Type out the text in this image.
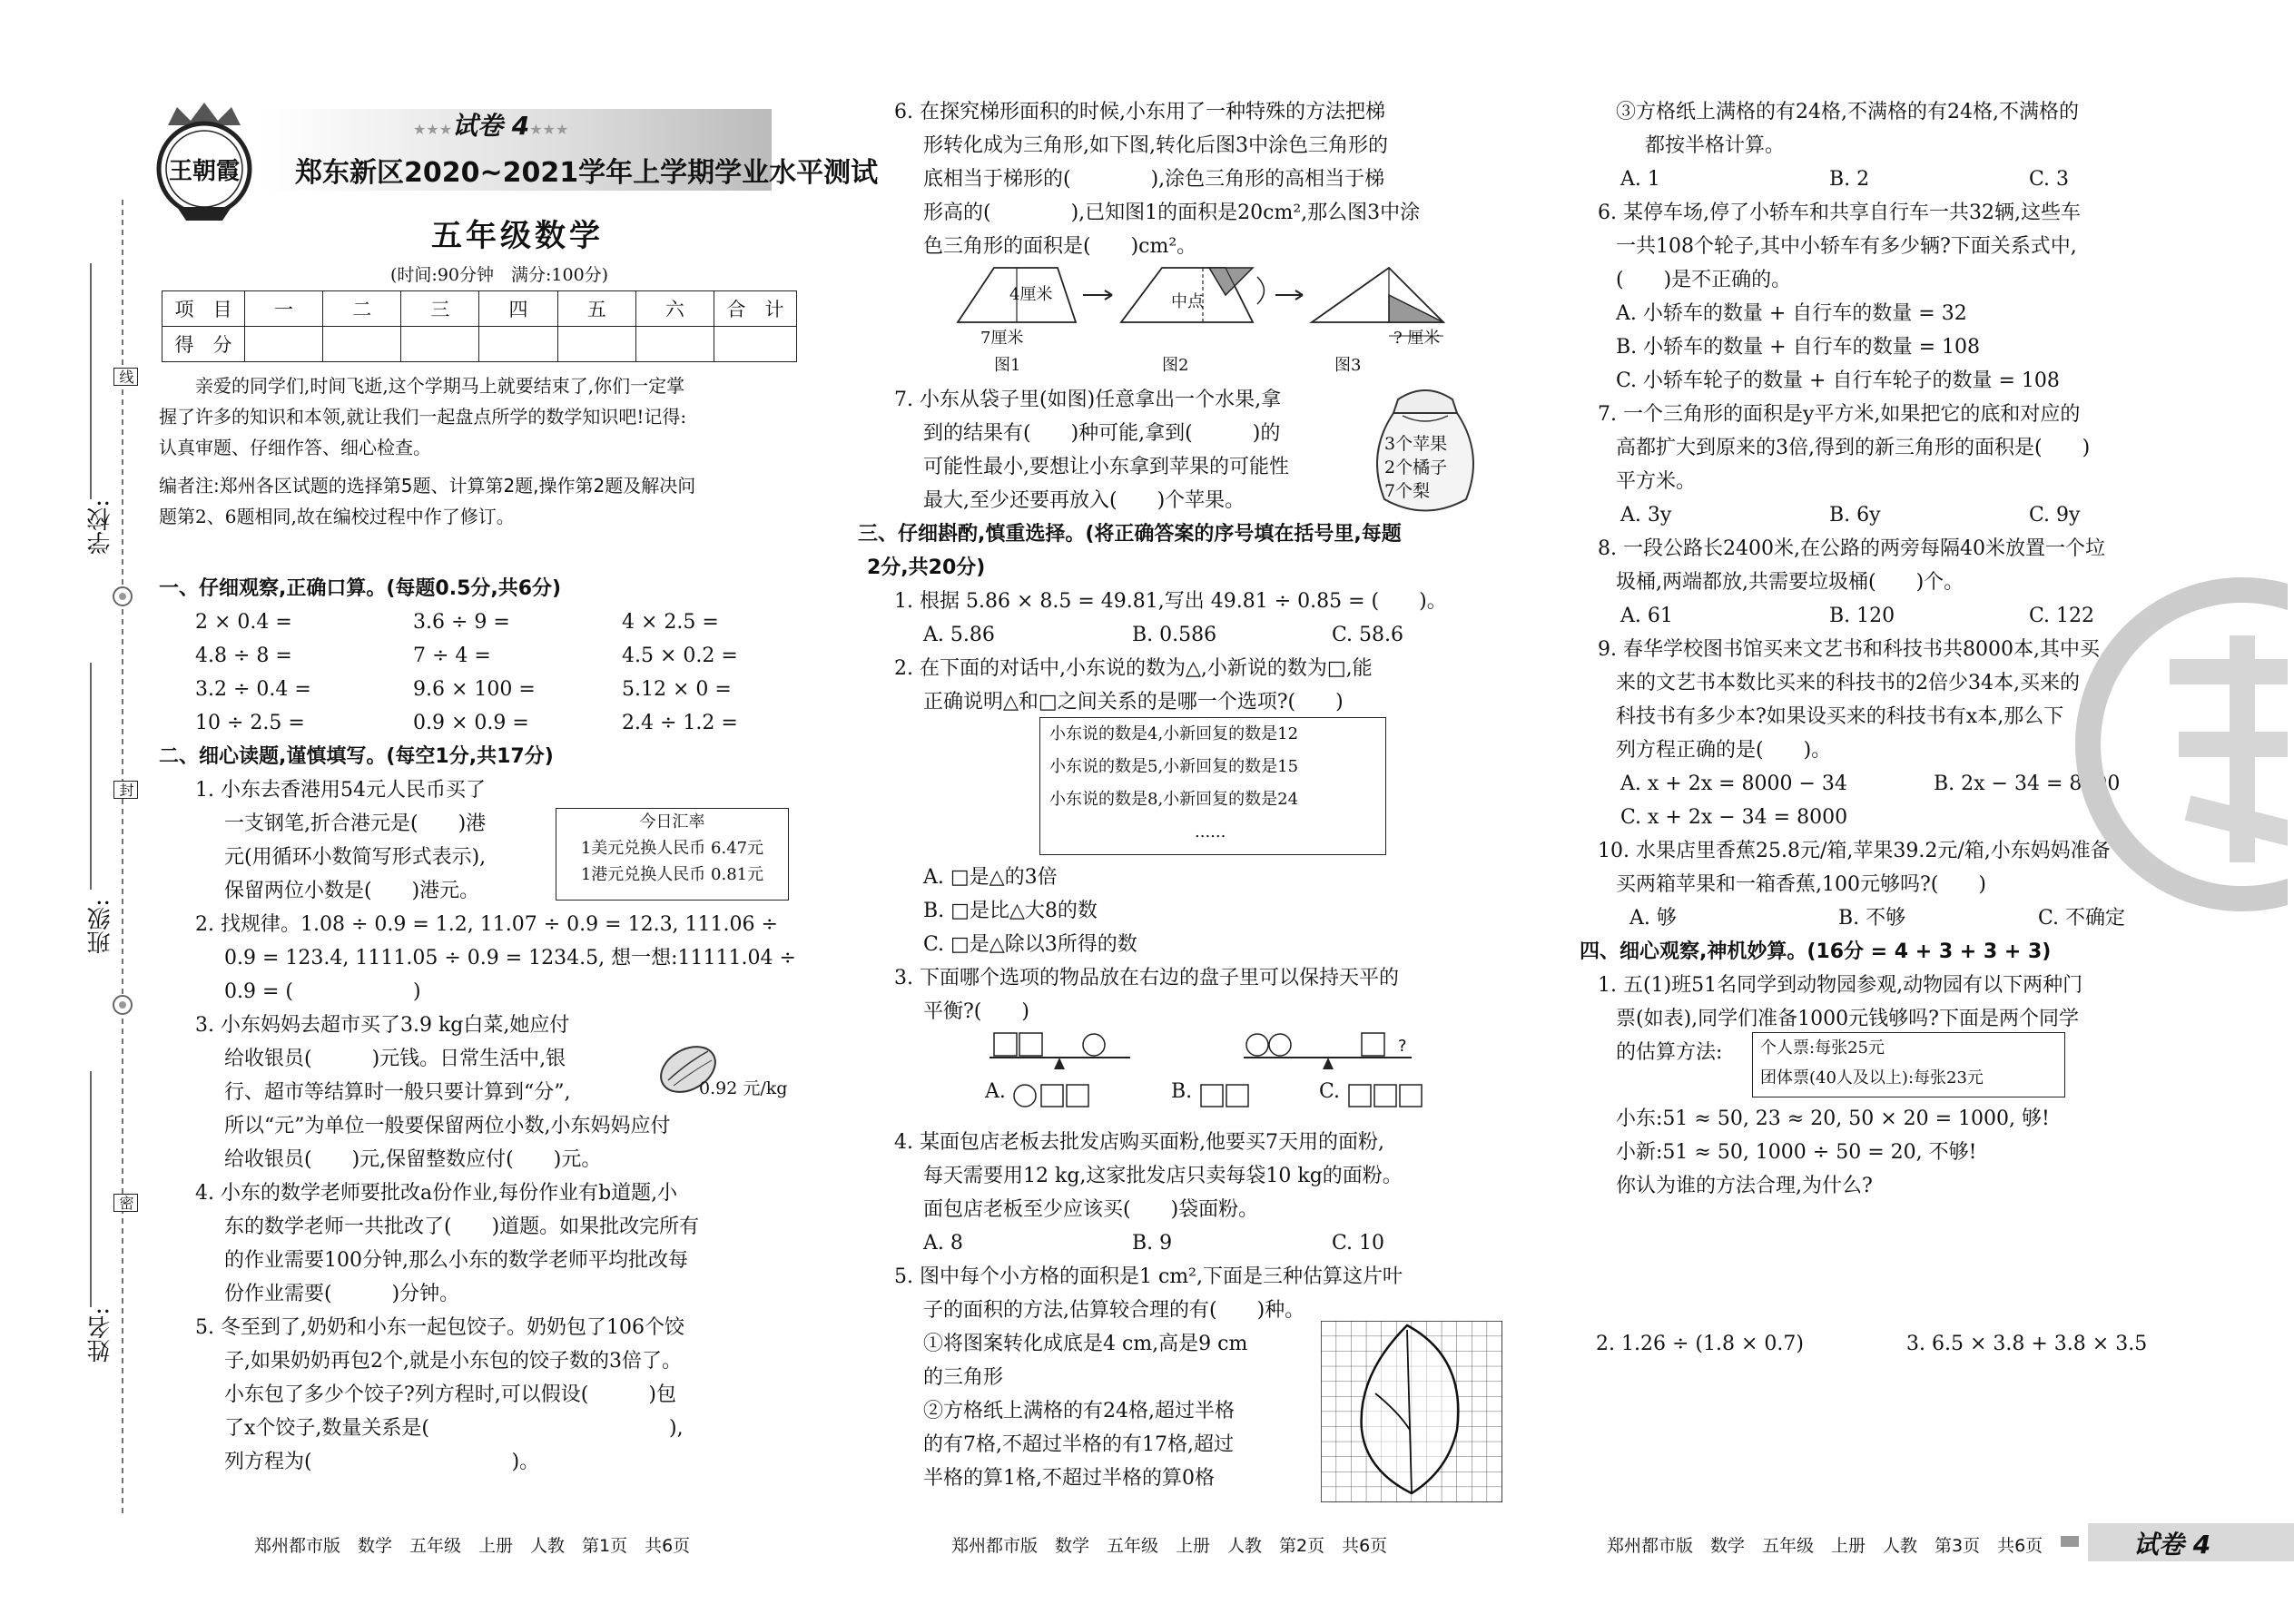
学校:
班级:
姓名:
线
封
密
王朝霞
★★★试卷 4★★★
郑东新区2020~2021学年上学期学业水平测试
五年级数学
(时间:90分钟　满分:100分)
项　目	一	二	三	四	五	六	合　计
得　分							
亲爱的同学们,时间飞逝,这个学期马上就要结束了,你们一定掌
握了许多的知识和本领,就让我们一起盘点所学的数学知识吧!记得:
认真审题、仔细作答、细心检查。
编者注:郑州各区试题的选择第5题、计算第2题,操作第2题及解决问
题第2、6题相同,故在编校过程中作了修订。
一、仔细观察,正确口算。(每题0.5分,共6分)
2 × 0.4 =	3.6 ÷ 9 =	4 × 2.5 =
4.8 ÷ 8 =	7 ÷ 4 =	4.5 × 0.2 =
3.2 ÷ 0.4 =	9.6 × 100 =	5.12 × 0 =
10 ÷ 2.5 =	0.9 × 0.9 =	2.4 ÷ 1.2 =
二、细心读题,谨慎填写。(每空1分,共17分)
1. 小东去香港用54元人民币买了
一支钢笔,折合港元是(　　)港
元(用循环小数简写形式表示),
保留两位小数是(　　)港元。
2. 找规律。1.08 ÷ 0.9 = 1.2, 11.07 ÷ 0.9 = 12.3, 111.06 ÷
0.9 = 123.4, 1111.05 ÷ 0.9 = 1234.5, 想一想:11111.04 ÷
0.9 = (　　　　　　)
3. 小东妈妈去超市买了3.9 kg白菜,她应付
给收银员(　　　)元钱。日常生活中,银
行、超市等结算时一般只要计算到“分”,
所以“元”为单位一般要保留两位小数,小东妈妈应付
给收银员(　　)元,保留整数应付(　　)元。
4. 小东的数学老师要批改a份作业,每份作业有b道题,小
东的数学老师一共批改了(　　)道题。如果批改完所有
的作业需要100分钟,那么小东的数学老师平均批改每
份作业需要(　　　)分钟。
5. 冬至到了,奶奶和小东一起包饺子。奶奶包了106个饺
子,如果奶奶再包2个,就是小东包的饺子数的3倍了。
小东包了多少个饺子?列方程时,可以假设(　　　)包
了x个饺子,数量关系是(　　　　　　　　　　　　),
列方程为(　　　　　　　　　　)。
今日汇率
1美元兑换人民币 6.47元
1港元兑换人民币 0.81元
0.92 元/kg
6. 在探究梯形面积的时候,小东用了一种特殊的方法把梯
形转化成为三角形,如下图,转化后图3中涂色三角形的
底相当于梯形的(　　　　),涂色三角形的高相当于梯
形高的(　　　　),已知图1的面积是20cm²,那么图3中涂
色三角形的面积是(　　)cm²。
4厘米
7厘米
中点
? 厘米
图1	图2	图3
7. 小东从袋子里(如图)任意拿出一个水果,拿
到的结果有(　　)种可能,拿到(　　　)的
可能性最小,要想让小东拿到苹果的可能性
最大,至少还要再放入(　　)个苹果。
三、仔细斟酌,慎重选择。(将正确答案的序号填在括号里,每题
2分,共20分)
1. 根据 5.86 × 8.5 = 49.81,写出 49.81 ÷ 0.85 = (　　)。
A. 5.86	B. 0.586	C. 58.6
2. 在下面的对话中,小东说的数为△,小新说的数为□,能
正确说明△和□之间关系的是哪一个选项?(　　)
3个苹果
2个橘子
7个梨
小东说的数是4,小新回复的数是12
小东说的数是5,小新回复的数是15
小东说的数是8,小新回复的数是24
......
A. □是△的3倍
B. □是比△大8的数
C. □是△除以3所得的数
3. 下面哪个选项的物品放在右边的盘子里可以保持天平的
平衡?(　　)
?
A.	B.	C.
4. 某面包店老板去批发店购买面粉,他要买7天用的面粉,
每天需要用12 kg,这家批发店只卖每袋10 kg的面粉。
面包店老板至少应该买(　　)袋面粉。
A. 8	B. 9	C. 10
5. 图中每个小方格的面积是1 cm²,下面是三种估算这片叶
子的面积的方法,估算较合理的有(　　)种。
①将图案转化成底是4 cm,高是9 cm
的三角形
②方格纸上满格的有24格,超过半格
的有7格,不超过半格的有17格,超过
半格的算1格,不超过半格的算0格
③方格纸上满格的有24格,不满格的有24格,不满格的
都按半格计算。
A. 1	B. 2	C. 3
6. 某停车场,停了小轿车和共享自行车一共32辆,这些车
一共108个轮子,其中小轿车有多少辆?下面关系式中,
(　　)是不正确的。
A. 小轿车的数量 + 自行车的数量 = 32
B. 小轿车的数量 + 自行车的数量 = 108
C. 小轿车轮子的数量 + 自行车轮子的数量 = 108
7. 一个三角形的面积是y平方米,如果把它的底和对应的
高都扩大到原来的3倍,得到的新三角形的面积是(　　)
平方米。
A. 3y	B. 6y	C. 9y
8. 一段公路长2400米,在公路的两旁每隔40米放置一个垃
圾桶,两端都放,共需要垃圾桶(　　)个。
A. 61	B. 120	C. 122
9. 春华学校图书馆买来文艺书和科技书共8000本,其中买
来的文艺书本数比买来的科技书的2倍少34本,买来的
科技书有多少本?如果设买来的科技书有x本,那么下
列方程正确的是(　　)。
A. x + 2x = 8000 − 34	B. 2x − 34 = 8000
C. x + 2x − 34 = 8000
10. 水果店里香蕉25.8元/箱,苹果39.2元/箱,小东妈妈准备
买两箱苹果和一箱香蕉,100元够吗?(　　)
A. 够	B. 不够	C. 不确定
四、细心观察,神机妙算。(16分 = 4 + 3 + 3 + 3)
1. 五(1)班51名同学到动物园参观,动物园有以下两种门
票(如表),同学们准备1000元钱够吗?下面是两个同学
的估算方法:	个人票:每张25元
团体票(40人及以上):每张23元
小东:51 ≈ 50, 23 ≈ 20, 50 × 20 = 1000, 够!
小新:51 ≈ 50, 1000 ÷ 50 = 20, 不够!
你认为谁的方法合理,为什么?
2. 1.26 ÷ (1.8 × 0.7)	3. 6.5 × 3.8 + 3.8 × 3.5
郑州都市版　数学　五年级　上册　人教　第1页　共6页	郑州都市版　数学　五年级　上册　人教　第2页　共6页	郑州都市版　数学　五年级　上册　人教　第3页　共6页	试卷 4
